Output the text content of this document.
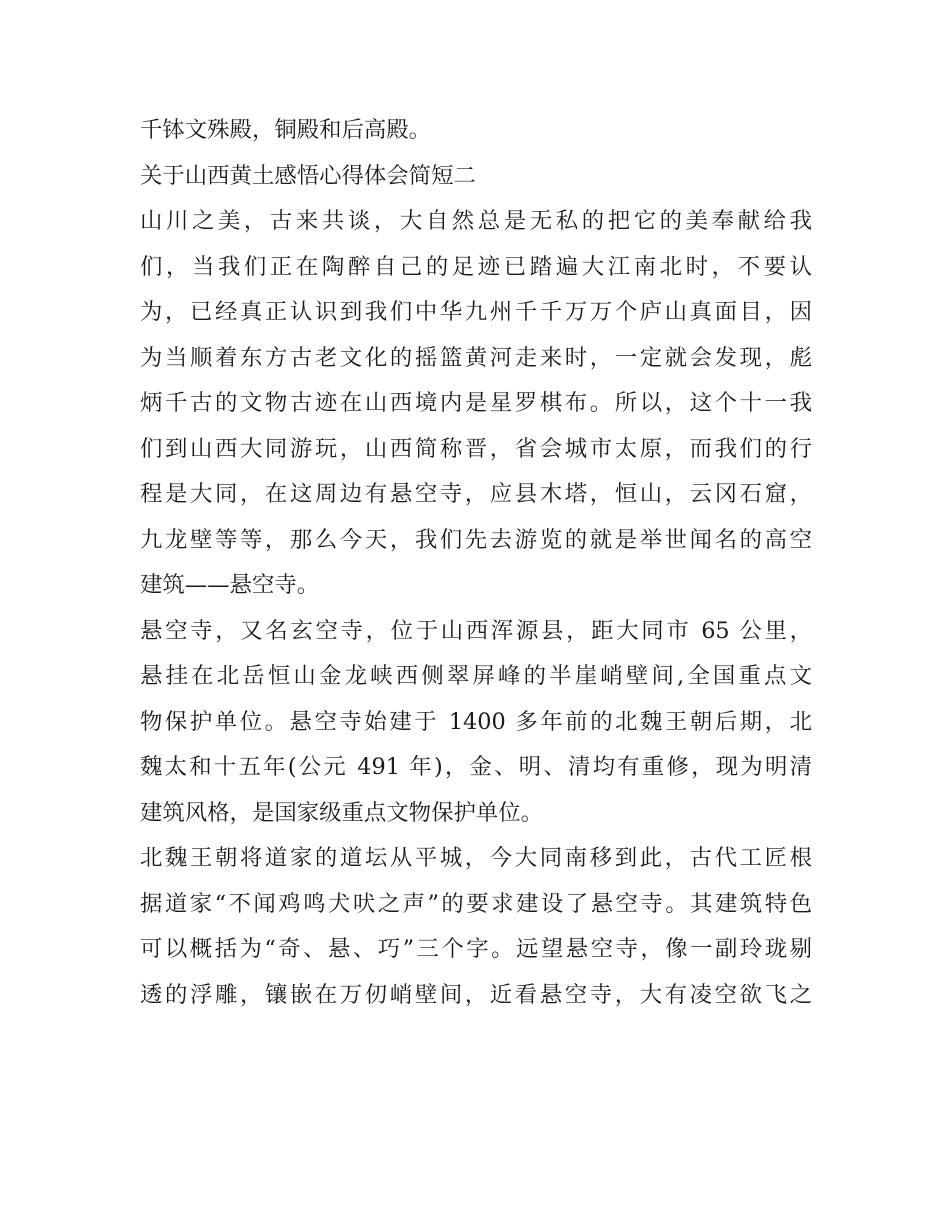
千钵文殊殿，铜殿和后高殿。
关于山西黄土感悟心得体会简短二
山川之美，古来共谈，大自然总是无私的把它的美奉献给我
们，当我们正在陶醉自己的足迹已踏遍大江南北时，不要认
为，已经真正认识到我们中华九州千千万万个庐山真面目，因
为当顺着东方古老文化的摇篮黄河走来时，一定就会发现，彪
炳千古的文物古迹在山西境内是星罗棋布。所以，这个十一我
们到山西大同游玩，山西简称晋，省会城市太原，而我们的行
程是大同，在这周边有悬空寺，应县木塔，恒山，云冈石窟，
九龙壁等等，那么今天，我们先去游览的就是举世闻名的高空
建筑——悬空寺。
悬空寺，又名玄空寺，位于山西浑源县，距大同市 65 公里，
悬挂在北岳恒山金龙峡西侧翠屏峰的半崖峭壁间,全国重点文
物保护单位。悬空寺始建于 1400 多年前的北魏王朝后期，北
魏太和十五年(公元 491 年)，金、明、清均有重修，现为明清
建筑风格，是国家级重点文物保护单位。
北魏王朝将道家的道坛从平城，今大同南移到此，古代工匠根
据道家“不闻鸡鸣犬吠之声”的要求建设了悬空寺。其建筑特色
可以概括为“奇、悬、巧”三个字。远望悬空寺，像一副玲珑剔
透的浮雕，镶嵌在万仞峭壁间，近看悬空寺，大有凌空欲飞之
